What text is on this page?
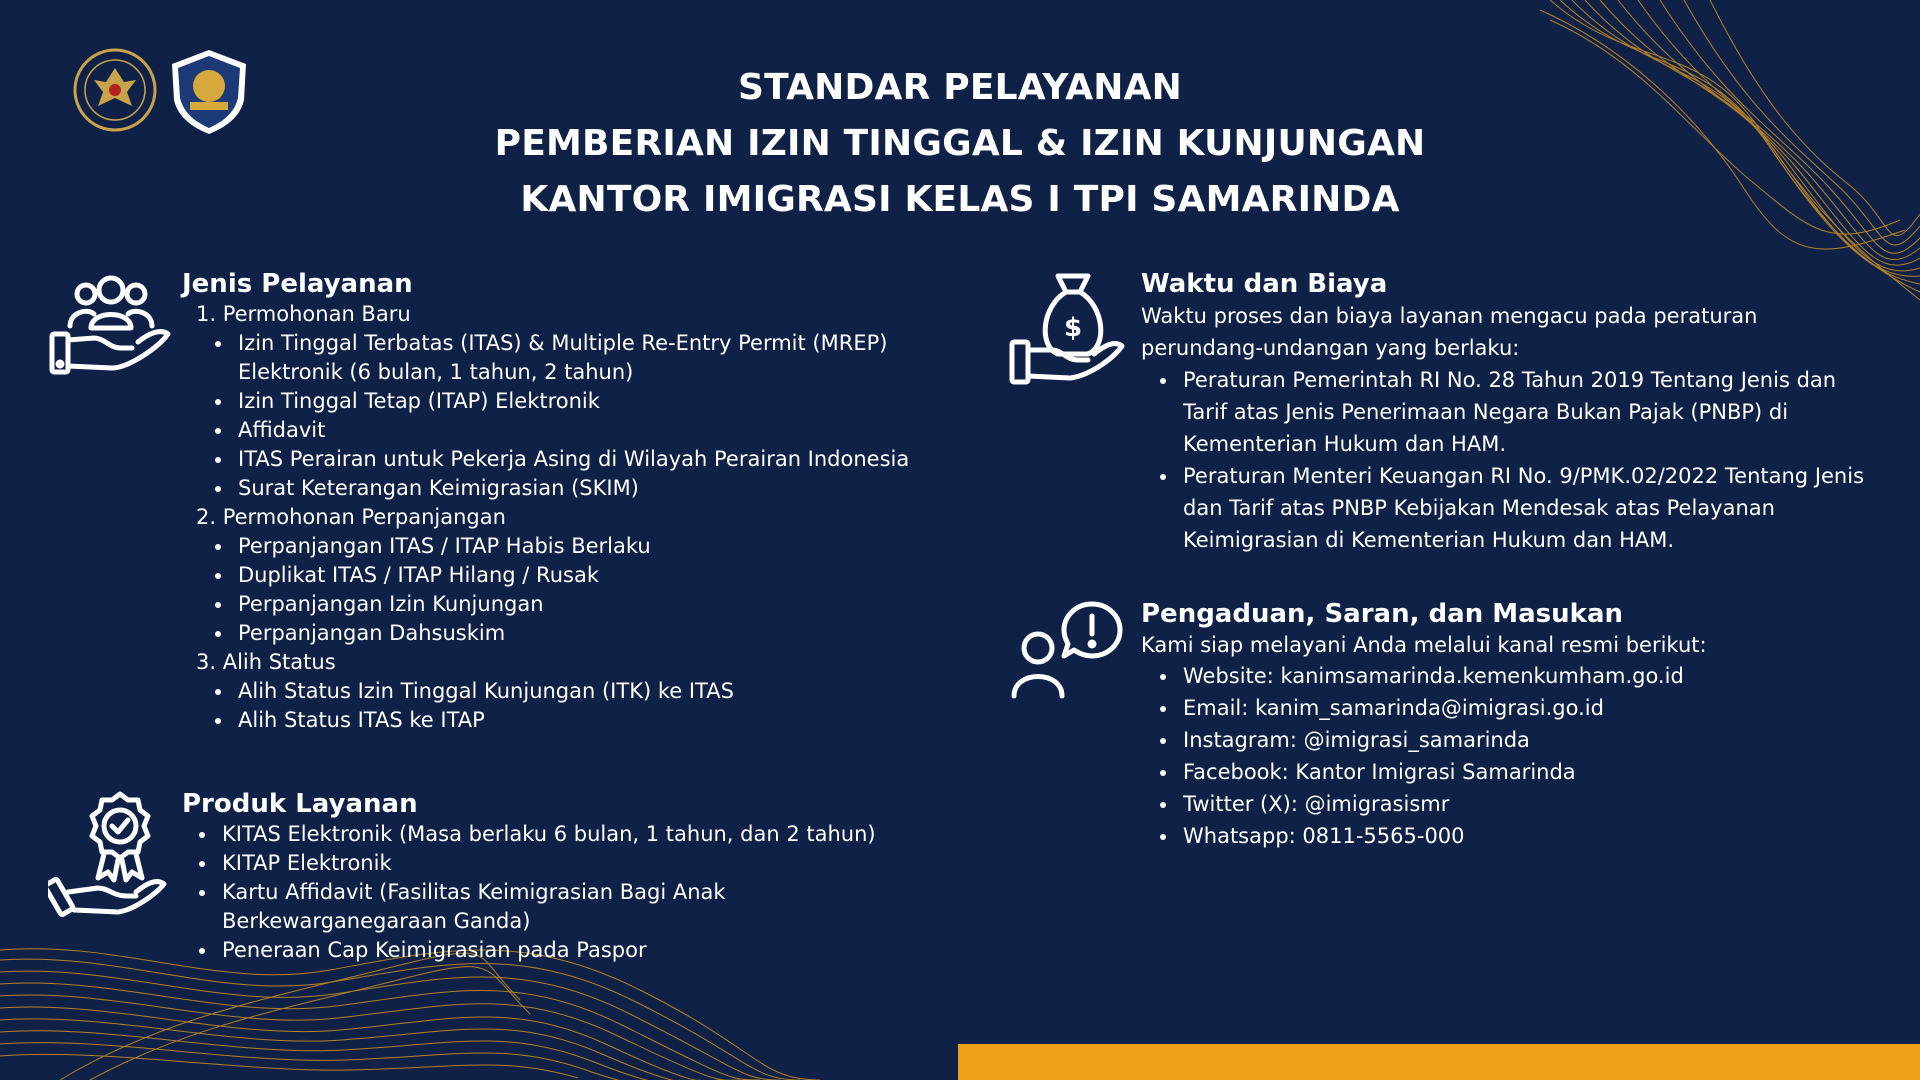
STANDAR PELAYANAN
PEMBERIAN IZIN TINGGAL & IZIN KUNJUNGAN
KANTOR IMIGRASI KELAS I TPI SAMARINDA
Jenis Pelayanan
1. Permohonan Baru
• Izin Tinggal Terbatas (ITAS) & Multiple Re-Entry Permit (MREP) Elektronik (6 bulan, 1 tahun, 2 tahun)
• Izin Tinggal Tetap (ITAP) Elektronik
• Affidavit
• ITAS Perairan untuk Pekerja Asing di Wilayah Perairan Indonesia
• Surat Keterangan Keimigrasian (SKIM)
2. Permohonan Perpanjangan
• Perpanjangan ITAS / ITAP Habis Berlaku
• Duplikat ITAS / ITAP Hilang / Rusak
• Perpanjangan Izin Kunjungan
• Perpanjangan Dahsuskim
3. Alih Status
• Alih Status Izin Tinggal Kunjungan (ITK) ke ITAS
• Alih Status ITAS ke ITAP
Produk Layanan
• KITAS Elektronik (Masa berlaku 6 bulan, 1 tahun, dan 2 tahun)
• KITAP Elektronik
• Kartu Affidavit (Fasilitas Keimigrasian Bagi Anak Berkewarganegaraan Ganda)
• Peneraan Cap Keimigrasian pada Paspor
$
Waktu dan Biaya
Waktu proses dan biaya layanan mengacu pada peraturan perundang-undangan yang berlaku:
• Peraturan Pemerintah RI No. 28 Tahun 2019 Tentang Jenis dan Tarif atas Jenis Penerimaan Negara Bukan Pajak (PNBP) di Kementerian Hukum dan HAM.
• Peraturan Menteri Keuangan RI No. 9/PMK.02/2022 Tentang Jenis dan Tarif atas PNBP Kebijakan Mendesak atas Pelayanan Keimigrasian di Kementerian Hukum dan HAM.
Pengaduan, Saran, dan Masukan
Kami siap melayani Anda melalui kanal resmi berikut:
• Website: kanimsamarinda.kemenkumham.go.id
• Email: kanim_samarinda@imigrasi.go.id
• Instagram: @imigrasi_samarinda
• Facebook: Kantor Imigrasi Samarinda
• Twitter (X): @imigrasismr
• Whatsapp: 0811-5565-000
